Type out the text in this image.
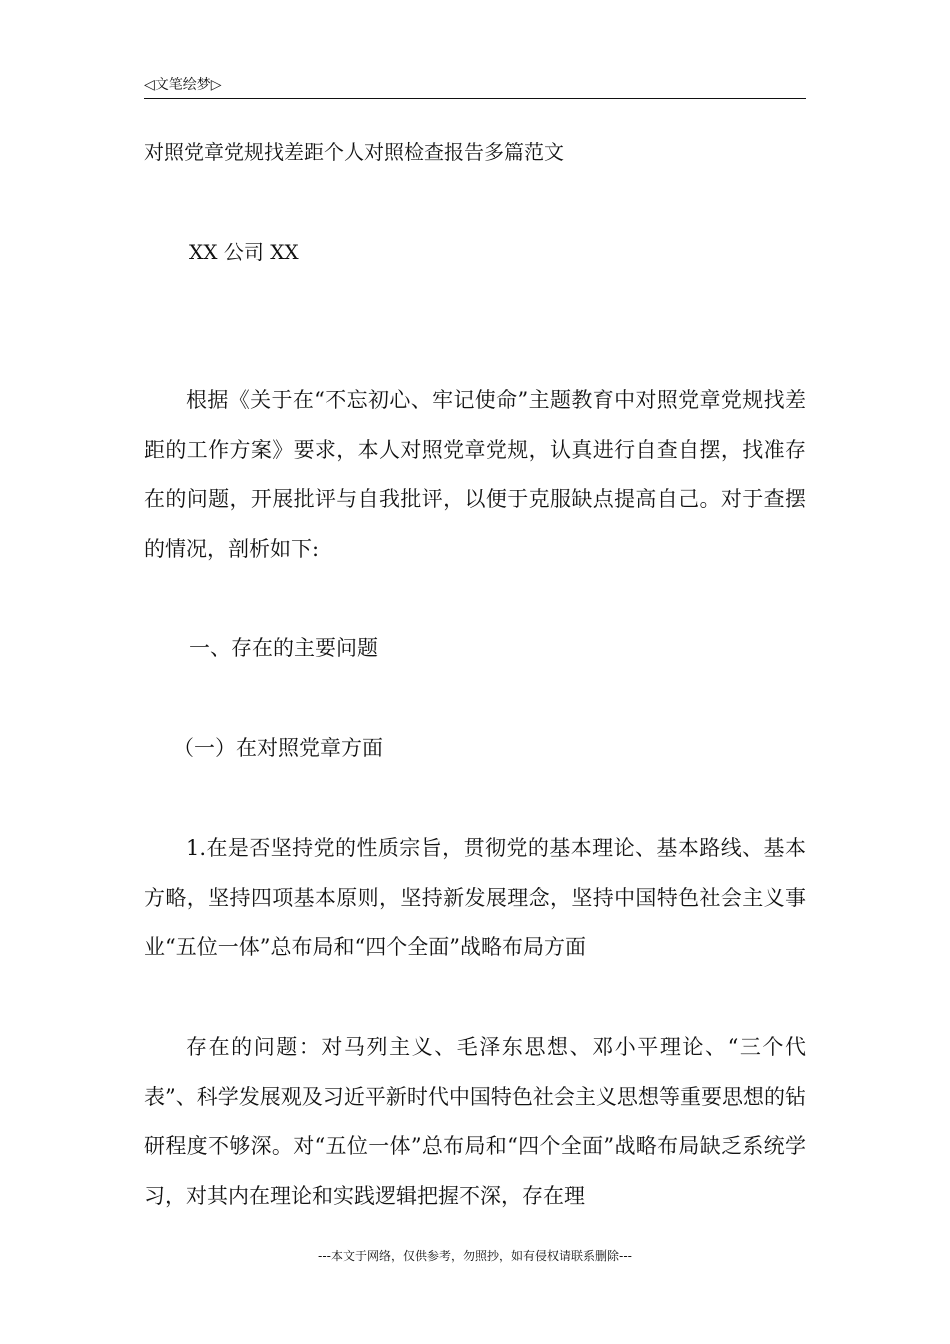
◁文笔绘梦▷
对照党章党规找差距个人对照检查报告多篇范文
XX 公司 XX

根据《关于在“不忘初心、牢记使命”主题教育中对照党章党规找差距的工作方案》要求，本人对照党章党规，认真进行自查自摆，找准存在的问题，开展批评与自我批评，以便于克服缺点提高自己。对于查摆的情况，剖析如下:

一、存在的主要问题
（一）在对照党章方面

1.在是否坚持党的性质宗旨，贯彻党的基本理论、基本路线、基本方略，坚持四项基本原则，坚持新发展理念，坚持中国特色社会主义事业“五位一体”总布局和“四个全面”战略布局方面

存在的问题：对马列主义、毛泽东思想、邓小平理论、“三个代表”、科学发展观及习近平新时代中国特色社会主义思想等重要思想的钻研程度不够深。对“五位一体”总布局和“四个全面”战略布局缺乏系统学习，对其内在理论和实践逻辑把握不深，存在理

---本文于网络，仅供参考，勿照抄，如有侵权请联系删除---
